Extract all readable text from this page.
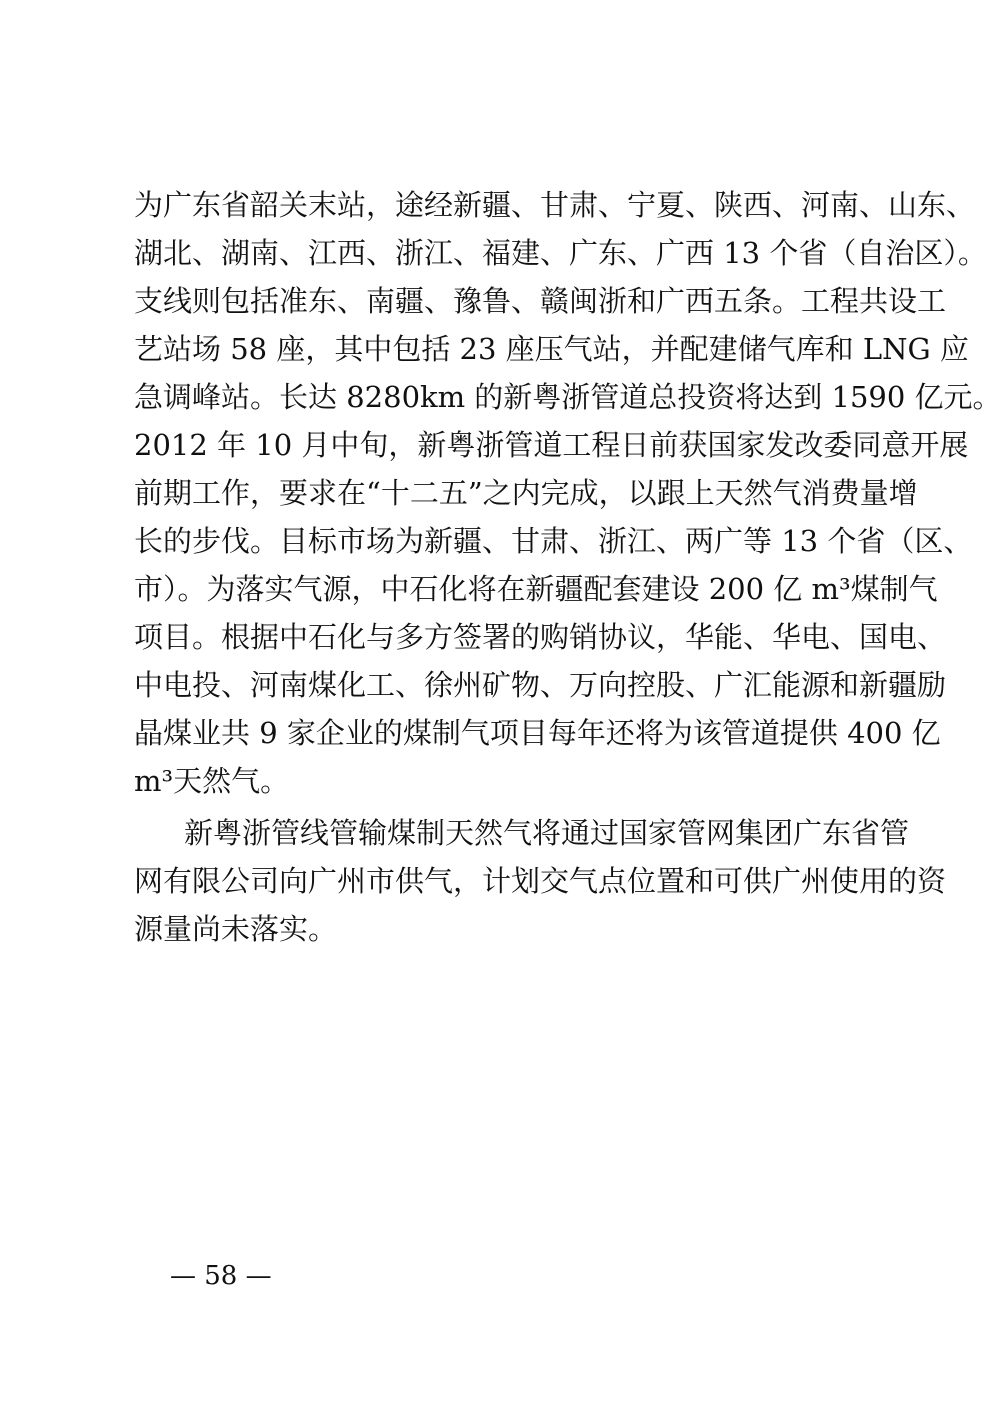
为广东省韶关末站，途经新疆、甘肃、宁夏、陕西、河南、山东、
湖北、湖南、江西、浙江、福建、广东、广西 13 个省（自治区）。
支线则包括准东、南疆、豫鲁、赣闽浙和广西五条。工程共设工
艺站场 58 座，其中包括 23 座压气站，并配建储气库和 LNG 应
急调峰站。长达 8280km 的新粤浙管道总投资将达到 1590 亿元。
2012 年 10 月中旬，新粤浙管道工程日前获国家发改委同意开展
前期工作，要求在“十二五”之内完成，以跟上天然气消费量增
长的步伐。目标市场为新疆、甘肃、浙江、两广等 13 个省（区、
市）。为落实气源，中石化将在新疆配套建设 200 亿 m³煤制气
项目。根据中石化与多方签署的购销协议，华能、华电、国电、
中电投、河南煤化工、徐州矿物、万向控股、广汇能源和新疆励
晶煤业共 9 家企业的煤制气项目每年还将为该管道提供 400 亿
m³天然气。
新粤浙管线管输煤制天然气将通过国家管网集团广东省管
网有限公司向广州市供气，计划交气点位置和可供广州使用的资
源量尚未落实。
— 58 —
